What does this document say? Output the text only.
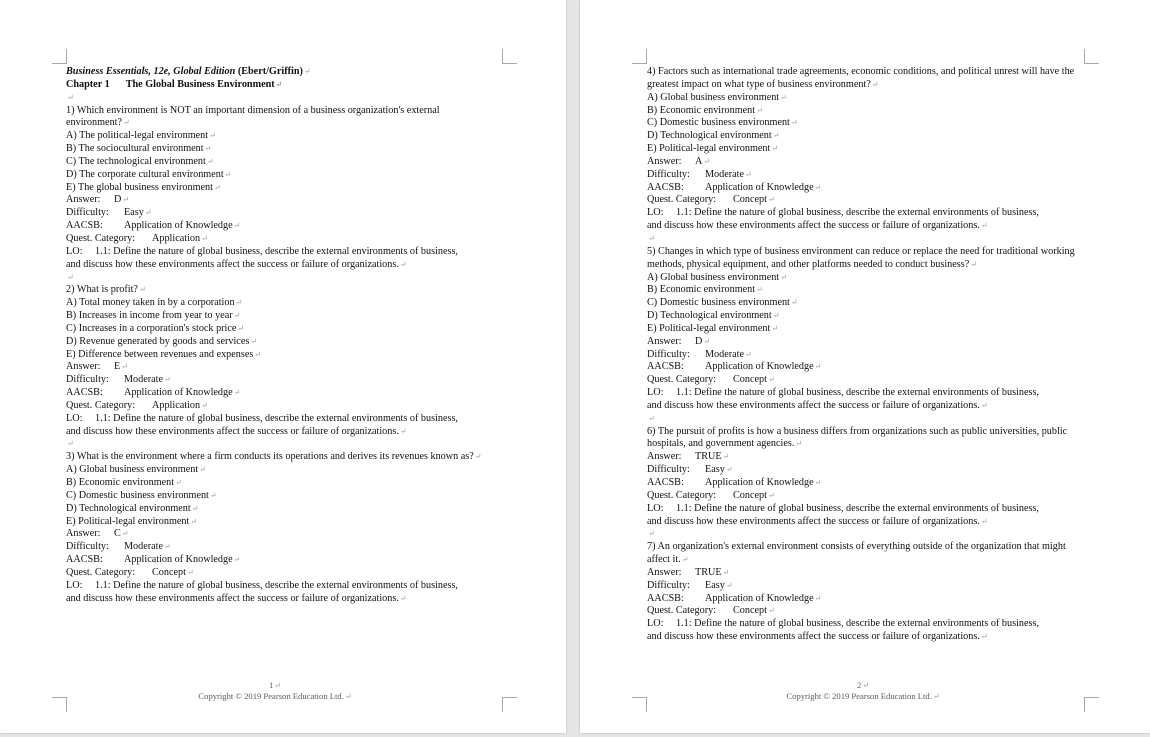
Business Essentials, 12e, Global Edition (Ebert/Griffin)↵
Chapter 1 The Global Business Environment↵
↵
1) Which environment is NOT an important dimension of a business organization's external environment?↵
A) The political-legal environment↵
B) The sociocultural environment↵
C) The technological environment↵
D) The corporate cultural environment↵
E) The global business environment↵
Answer: D↵
Difficulty: Easy↵
AACSB: Application of Knowledge↵
Quest. Category: Application↵
LO: 1.1: Define the nature of global business, describe the external environments of business,
and discuss how these environments affect the success or failure of organizations.↵
↵
2) What is profit?↵
A) Total money taken in by a corporation↵
B) Increases in income from year to year↵
C) Increases in a corporation's stock price↵
D) Revenue generated by goods and services↵
E) Difference between revenues and expenses↵
Answer: E↵
Difficulty: Moderate↵
AACSB: Application of Knowledge↵
Quest. Category: Application↵
LO: 1.1: Define the nature of global business, describe the external environments of business,
and discuss how these environments affect the success or failure of organizations.↵
↵
3) What is the environment where a firm conducts its operations and derives its revenues known as?↵
A) Global business environment↵
B) Economic environment↵
C) Domestic business environment↵
D) Technological environment↵
E) Political-legal environment↵
Answer: C↵
Difficulty: Moderate↵
AACSB: Application of Knowledge↵
Quest. Category: Concept↵
LO: 1.1: Define the nature of global business, describe the external environments of business,
and discuss how these environments affect the success or failure of organizations.↵
1↵
Copyright © 2019 Pearson Education Ltd.↵
4) Factors such as international trade agreements, economic conditions, and political unrest will have the greatest impact on what type of business environment?↵
A) Global business environment↵
B) Economic environment↵
C) Domestic business environment↵
D) Technological environment↵
E) Political-legal environment↵
Answer: A↵
Difficulty: Moderate↵
AACSB: Application of Knowledge↵
Quest. Category: Concept↵
LO: 1.1: Define the nature of global business, describe the external environments of business,
and discuss how these environments affect the success or failure of organizations.↵
↵
5) Changes in which type of business environment can reduce or replace the need for traditional working methods, physical equipment, and other platforms needed to conduct business?↵
A) Global business environment↵
B) Economic environment↵
C) Domestic business environment↵
D) Technological environment↵
E) Political-legal environment↵
Answer: D↵
Difficulty: Moderate↵
AACSB: Application of Knowledge↵
Quest. Category: Concept↵
LO: 1.1: Define the nature of global business, describe the external environments of business,
and discuss how these environments affect the success or failure of organizations.↵
↵
6) The pursuit of profits is how a business differs from organizations such as public universities, public hospitals, and government agencies.↵
Answer: TRUE↵
Difficulty: Easy↵
AACSB: Application of Knowledge↵
Quest. Category: Concept↵
LO: 1.1: Define the nature of global business, describe the external environments of business,
and discuss how these environments affect the success or failure of organizations.↵
↵
7) An organization's external environment consists of everything outside of the organization that might affect it.↵
Answer: TRUE↵
Difficulty: Easy↵
AACSB: Application of Knowledge↵
Quest. Category: Concept↵
LO: 1.1: Define the nature of global business, describe the external environments of business,
and discuss how these environments affect the success or failure of organizations.↵
2↵
Copyright © 2019 Pearson Education Ltd.↵
